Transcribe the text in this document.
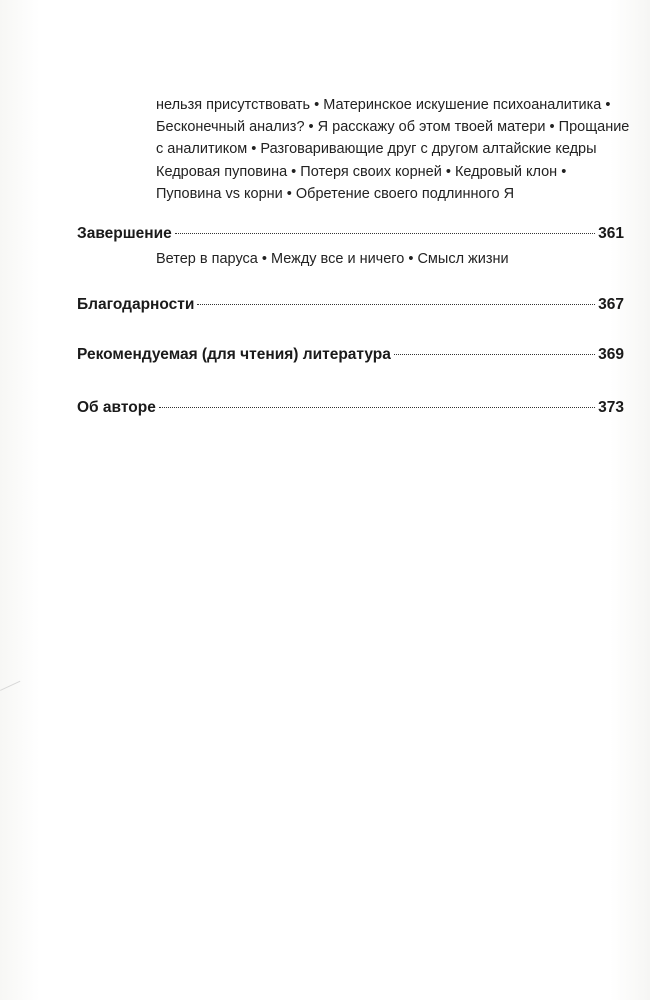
нельзя присутствовать • Материнское искушение психоаналитика •
Бесконечный анализ? • Я расскажу об этом твоей матери • Прощание
с аналитиком • Разговаривающие друг с другом алтайские кедры
Кедровая пуповина • Потеря своих корней • Кедровый клон •
Пуповина vs корни • Обретение своего подлинного Я
Завершение	361
Ветер в паруса • Между все и ничего • Смысл жизни
Благодарности	367
Рекомендуемая (для чтения) литература	369
Об авторе	373
